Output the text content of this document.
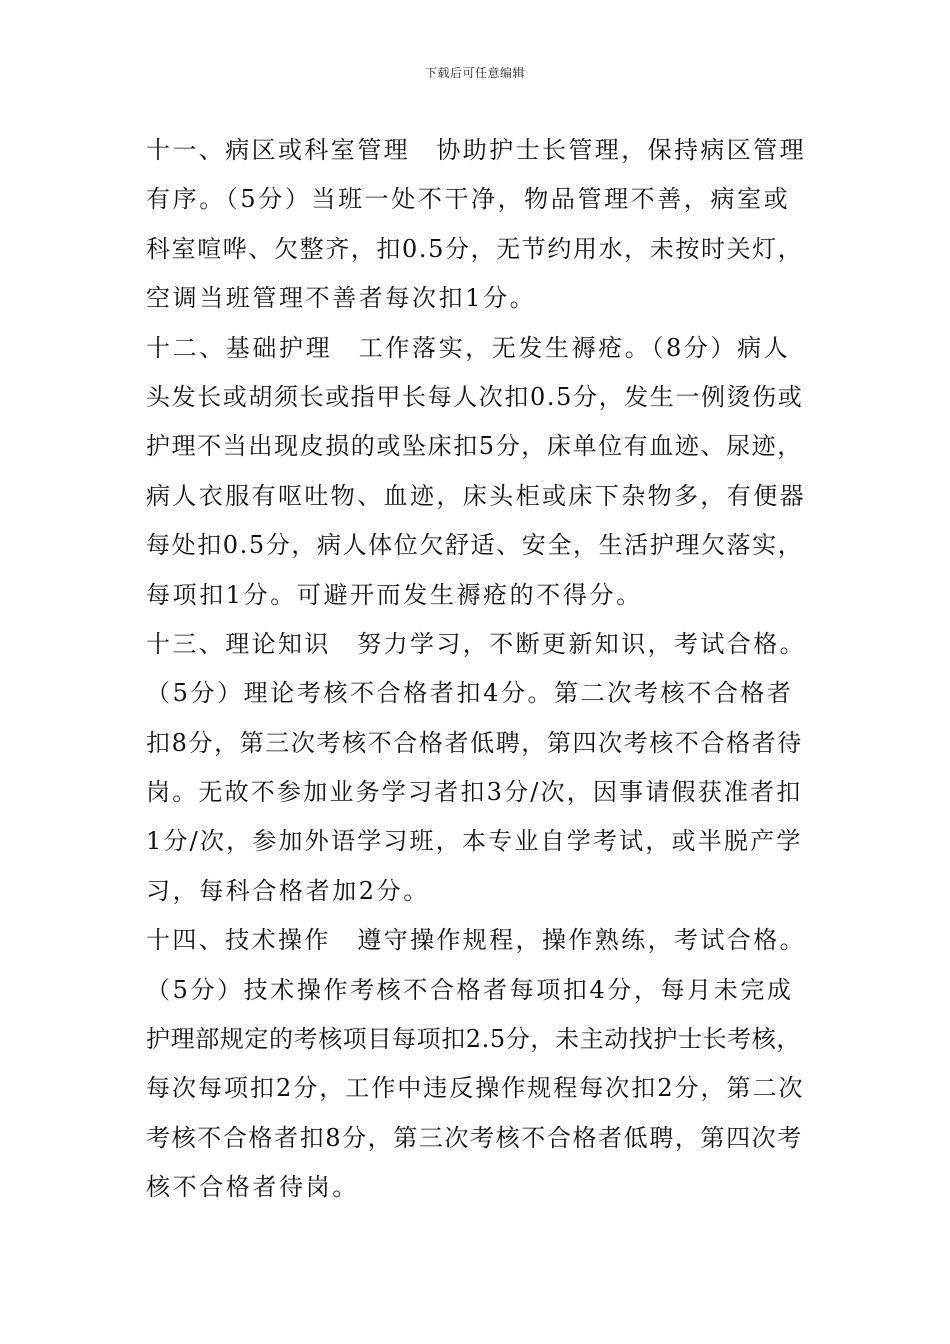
下载后可任意编辑
十一、病区或科室管理　协助护士长管理，保持病区管理
有序。（5分）当班一处不干净，物品管理不善，病室或
科室喧哗、欠整齐，扣0.5分，无节约用水，未按时关灯，
空调当班管理不善者每次扣1分。
十二、基础护理　工作落实，无发生褥疮。（8分）病人
头发长或胡须长或指甲长每人次扣0.5分，发生一例烫伤或
护理不当出现皮损的或坠床扣5分，床单位有血迹、尿迹，
病人衣服有呕吐物、血迹，床头柜或床下杂物多，有便器
每处扣0.5分，病人体位欠舒适、安全，生活护理欠落实，
每项扣1分。可避开而发生褥疮的不得分。
十三、理论知识　努力学习，不断更新知识，考试合格。
（5分）理论考核不合格者扣4分。第二次考核不合格者
扣8分，第三次考核不合格者低聘，第四次考核不合格者待
岗。无故不参加业务学习者扣3分/次，因事请假获准者扣
1分/次，参加外语学习班，本专业自学考试，或半脱产学
习，每科合格者加2分。
十四、技术操作　遵守操作规程，操作熟练，考试合格。
（5分）技术操作考核不合格者每项扣4分，每月未完成
护理部规定的考核项目每项扣2.5分，未主动找护士长考核，
每次每项扣2分，工作中违反操作规程每次扣2分，第二次
考核不合格者扣8分，第三次考核不合格者低聘，第四次考
核不合格者待岗。
